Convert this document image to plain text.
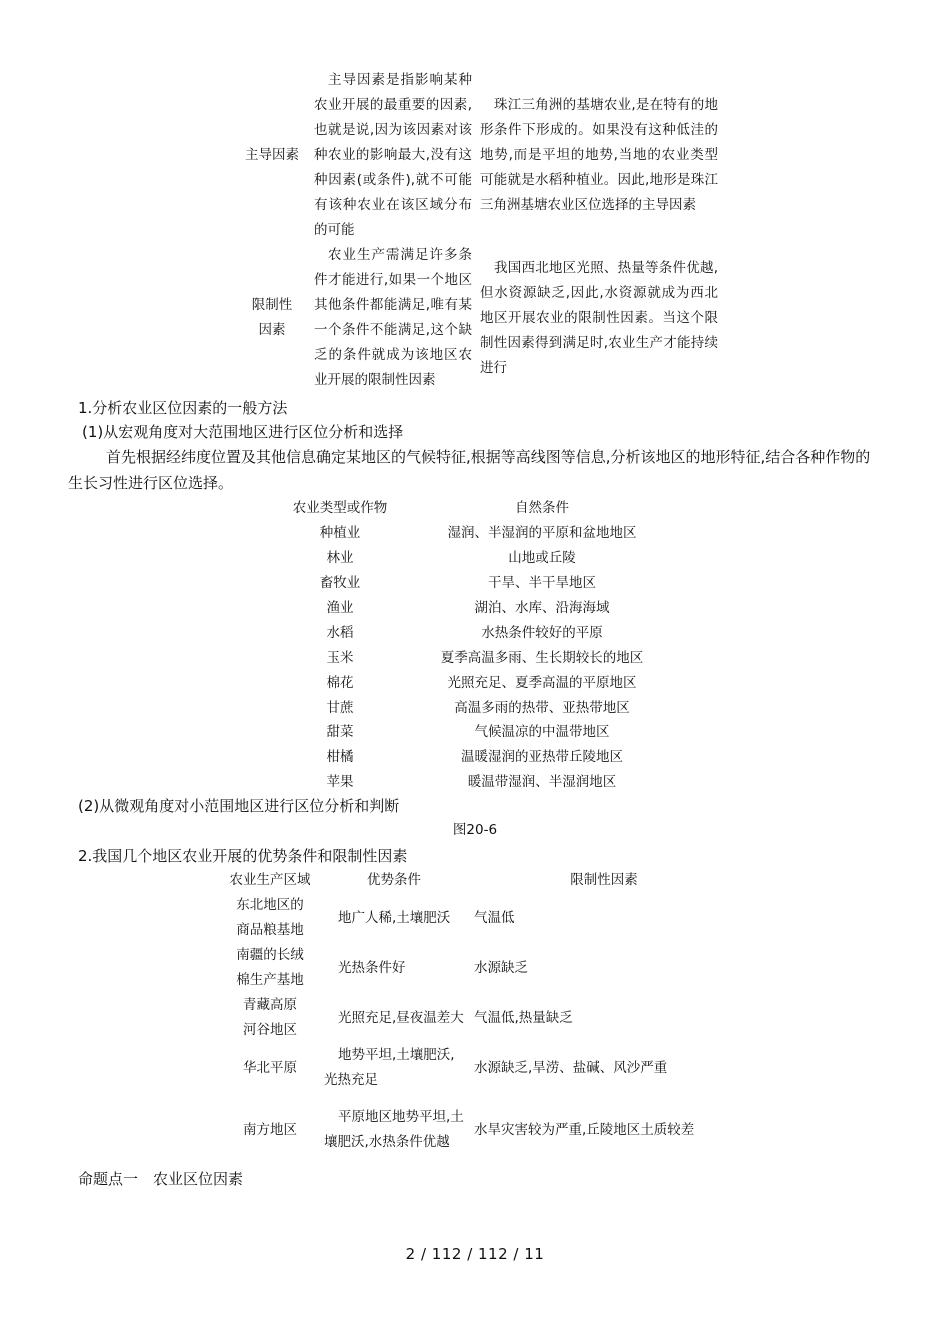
主导因素	主导因素是指影响某种农业开展的最重要的因素,也就是说,因为该因素对该种农业的影响最大,没有这种因素(或条件),就不可能有该种农业在该区域分布的可能	珠江三角洲的基塘农业,是在特有的地形条件下形成的。如果没有这种低洼的地势,而是平坦的地势,当地的农业类型可能就是水稻种植业。因此,地形是珠江三角洲基塘农业区位选择的主导因素
限制性因素	农业生产需满足许多条件才能进行,如果一个地区其他条件都能满足,唯有某一个条件不能满足,这个缺乏的条件就成为该地区农业开展的限制性因素	我国西北地区光照、热量等条件优越,但水资源缺乏,因此,水资源就成为西北地区开展农业的限制性因素。当这个限制性因素得到满足时,农业生产才能持续进行
1.分析农业区位因素的一般方法
(1)从宏观角度对大范围地区进行区位分析和选择
首先根据经纬度位置及其他信息确定某地区的气候特征,根据等高线图等信息,分析该地区的地形特征,结合各种作物的生长习性进行区位选择。
农业类型或作物	自然条件
种植业	湿润、半湿润的平原和盆地地区
林业	山地或丘陵
畜牧业	干旱、半干旱地区
渔业	湖泊、水库、沿海海域
水稻	水热条件较好的平原
玉米	夏季高温多雨、生长期较长的地区
棉花	光照充足、夏季高温的平原地区
甘蔗	高温多雨的热带、亚热带地区
甜菜	气候温凉的中温带地区
柑橘	温暖湿润的亚热带丘陵地区
苹果	暖温带湿润、半湿润地区
(2)从微观角度对小范围地区进行区位分析和判断
图20-6
2.我国几个地区农业开展的优势条件和限制性因素
农业生产区域	优势条件	限制性因素

东北地区的
商品粮基地	地广人稀,土壤肥沃	气温低

南疆的长绒
棉生产基地	光热条件好	水源缺乏

青藏高原
河谷地区	光照充足,昼夜温差大	气温低,热量缺乏

华北平原	地势平坦,土壤肥沃,光热充足	水源缺乏,旱涝、盐碱、风沙严重

南方地区	平原地区地势平坦,土壤肥沃,水热条件优越	水旱灾害较为严重,丘陵地区土质较差
命题点一　农业区位因素
2 / 112 / 112 / 11
